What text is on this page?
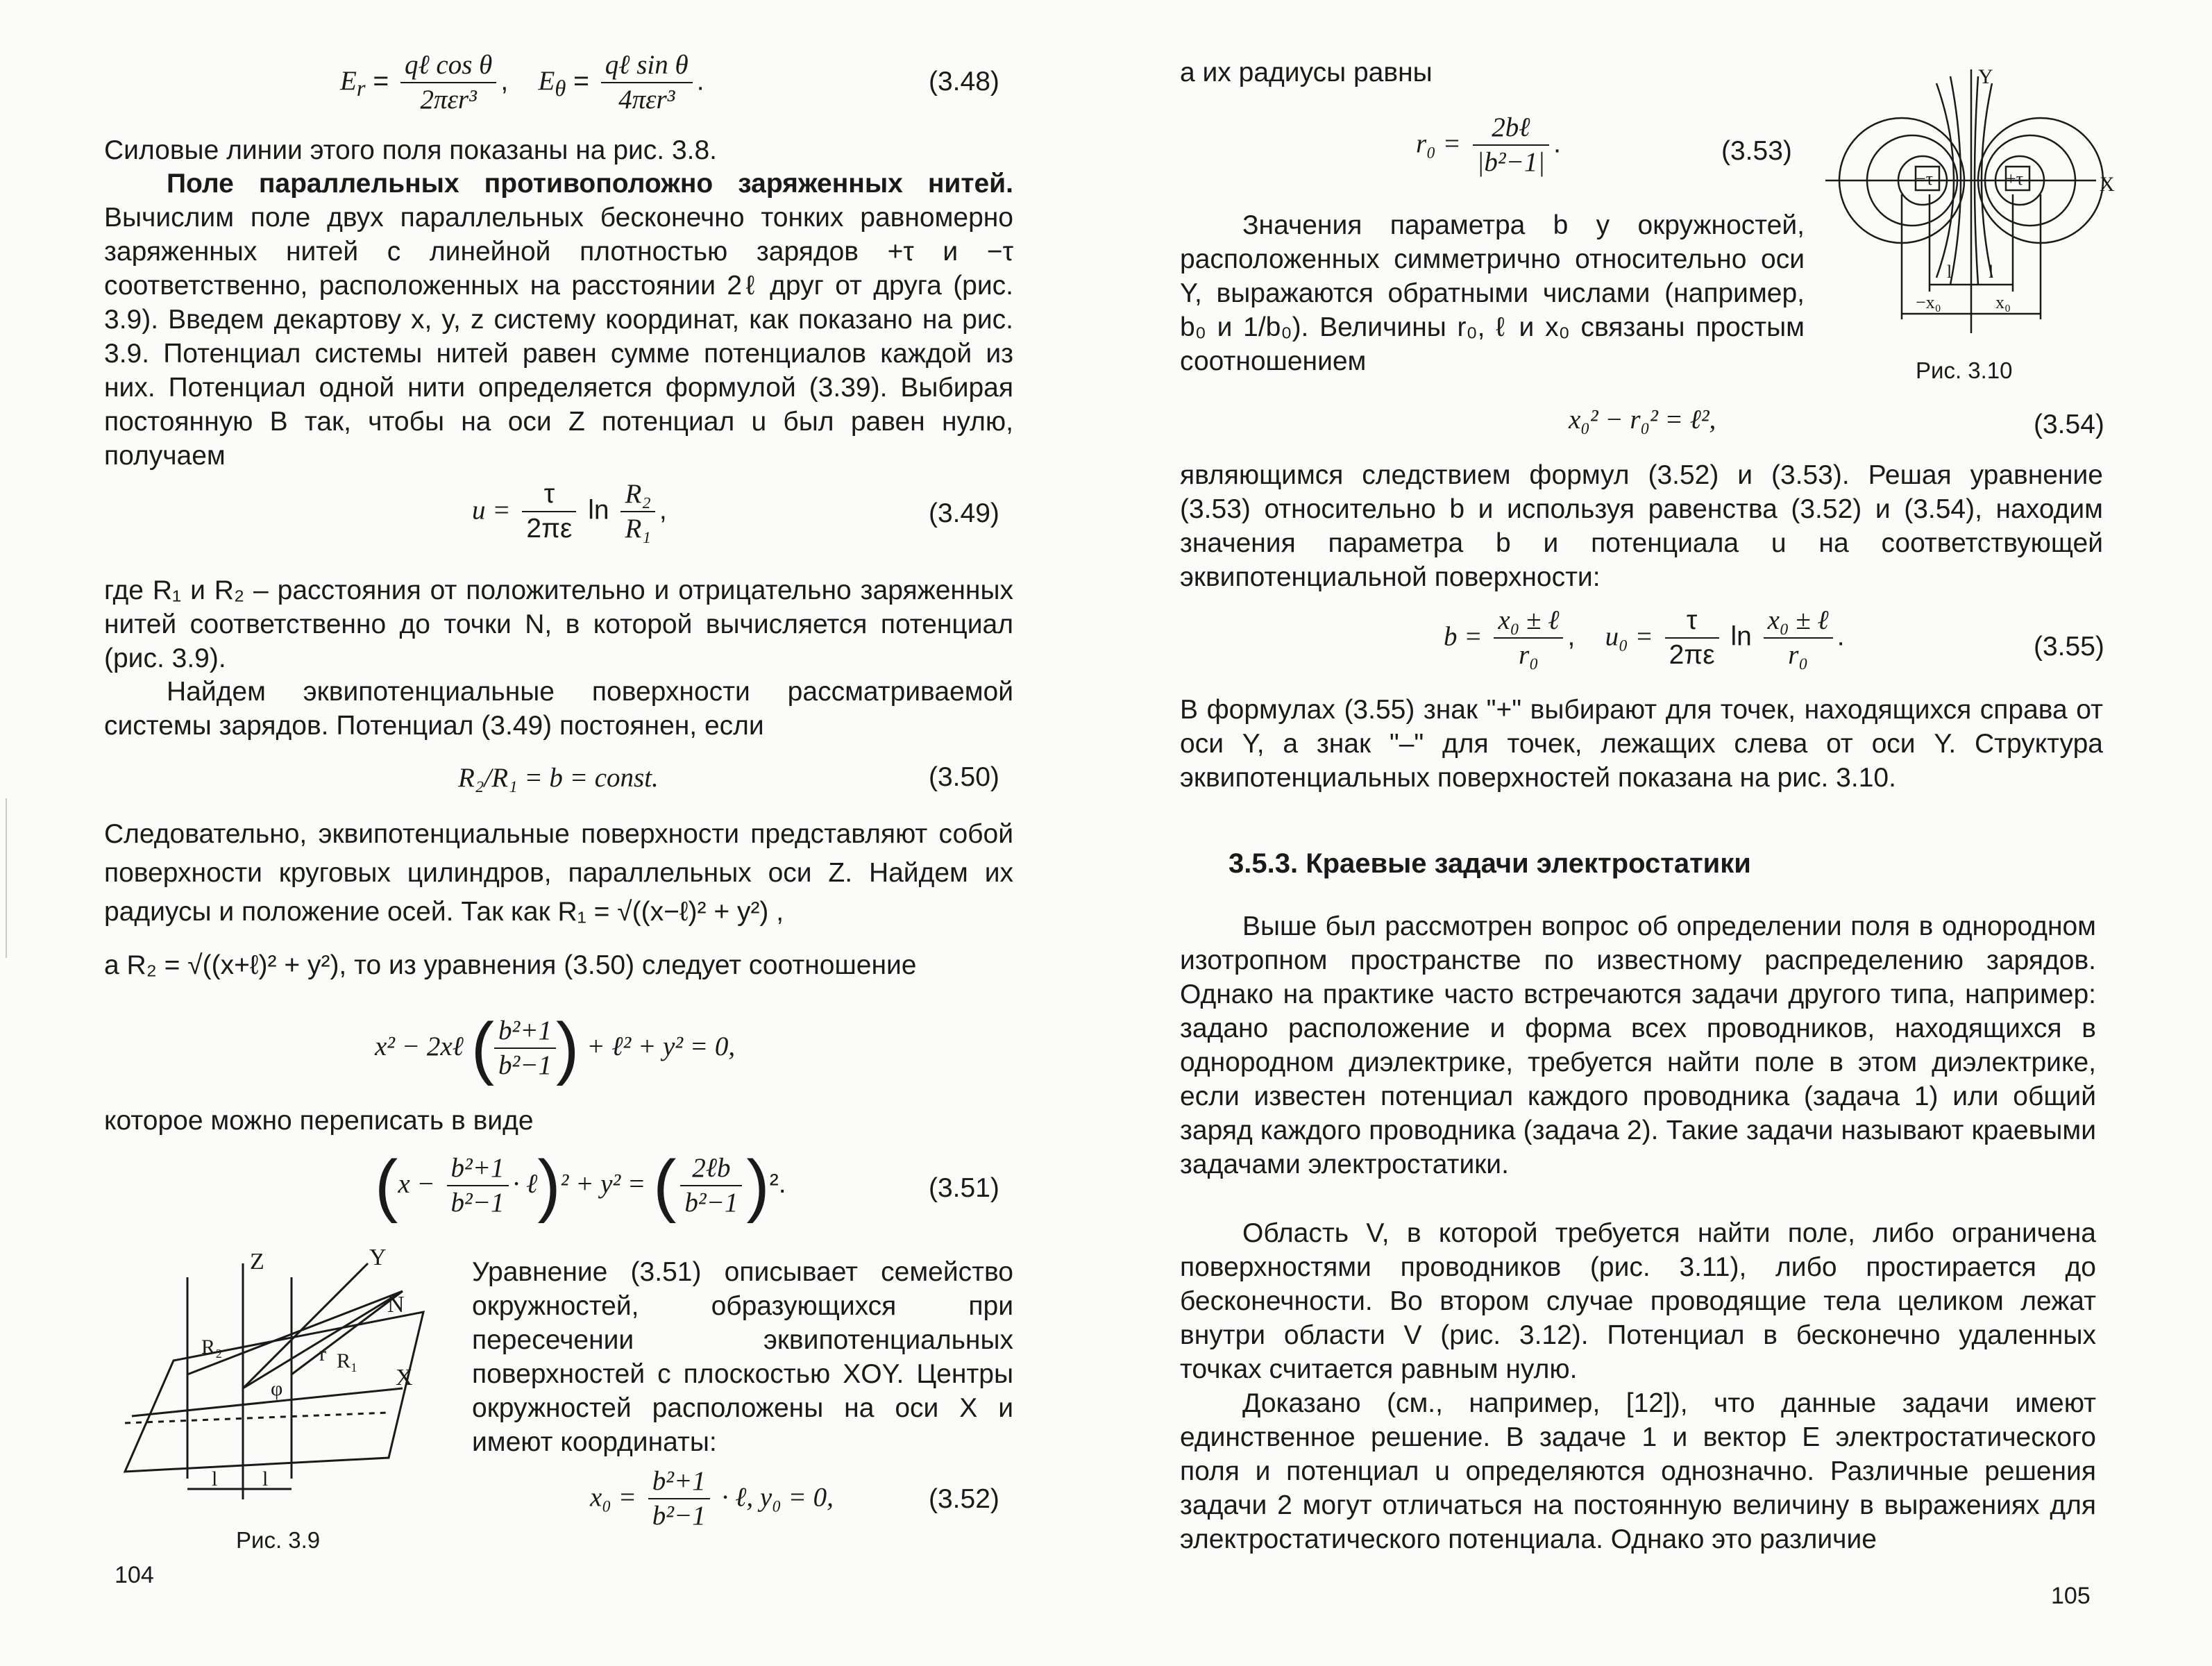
$E_r = \frac{\text{qℓ cos θ}}{\text{2πεr³}}$ ,    $E_\theta = \frac{\text{qℓ sin θ}}{\text{4πεr³}}$ .	(3.48)

Силовые линии этого поля показаны на рис. 3.8.

Поле параллельных противоположно заряженных нитей. Вычислим поле двух параллельных бесконечно тонких равномерно заряженных нитей с линейной плотностью зарядов +τ и −τ соответственно, расположенных на расстоянии 2ℓ друг от друга (рис. 3.9). Введем декартову x, y, z систему координат, как показано на рис. 3.9. Потенциал системы нитей равен сумме потенциалов каждой из них. Потенциал одной нити определяется формулой (3.39). Выбирая постоянную B так, чтобы на оси Z потенциал u был равен нулю, получаем

$u = \frac{\tau}{2\pi\varepsilon}$ $\ln \frac{\text{R₂}}{\text{R₁}}$ ,	(3.49)

где R₁ и R₂ – расстояния от положительно и отрицательно заряженных нитей соответственно до точки N, в которой вычисляется потенциал (рис. 3.9).

Найдем эквипотенциальные поверхности рассматриваемой системы зарядов. Потенциал (3.49) постоянен, если

R₂/R₁ = b = const.	(3.50)

Следовательно, эквипотенциальные поверхности представляют собой поверхности круговых цилиндров, параллельных оси Z. Найдем их радиусы и положение осей. Так как R₁ = √((x−ℓ)² + y²) ,

а R₂ = √((x+ℓ)² + y²), то из уравнения (3.50) следует соотношение

x² − 2xℓ ( $\frac{\text{b²+1}}{\text{b²−1}}$ ) + ℓ² + y² = 0,

которое можно переписать в виде

($x - \frac{\text{b²+1}}{\text{b²−1}}$ · ℓ)² + y² = ( $\frac{\text{2ℓb}}{\text{b²−1}} )^2$.	(3.51)
Z	Y
N
X
R₂
R₁
r
φ
l l
Рис. 3.9

Уравнение (3.51) описывает семейство окружностей, образующихся при пересечении эквипотенциальных поверхностей с плоскостью XOY. Центры окружностей расположены на оси X и имеют координаты:

$x_0 = \frac{\text{b²+1}}{\text{b²−1}}$ · ℓ, y₀ = 0,	(3.52)
104

а их радиусы равны

$r_0 = \frac{\text{2bℓ}}{\text{|b²−1|}}$ .	(3.53)

Значения параметра b у окружностей, расположенных симметрично относительно оси Y, выражаются обратными числами (например, b₀ и 1/b₀). Величины r₀, ℓ и x₀ связаны простым соотношением

Y
X
−τ	+τ
l l
−x₀	x₀
Рис. 3.10
x₀² − r₀² = ℓ²,	(3.54)

являющимся следствием формул (3.52) и (3.53). Решая уравнение (3.53) относительно b и используя равенства (3.52) и (3.54), находим значения параметра b и потенциала u на соответствующей эквипотенциальной поверхности:

$b = \frac{\text{x₀ ± ℓ}}{\text{r₀}}$ , $u_0 = \frac{\tau}{2\pi\varepsilon}$ $\ln \frac{\text{x₀ ± ℓ}}{\text{r₀}}$ .	(3.55)

В формулах (3.55) знак "+" выбирают для точек, находящихся справа от оси Y, а знак "–" для точек, лежащих слева от оси Y. Структура эквипотенциальных поверхностей показана на рис. 3.10.

3.5.3. Краевые задачи электростатики

Выше был рассмотрен вопрос об определении поля в однородном изотропном пространстве по известному распределению зарядов. Однако на практике часто встречаются задачи другого типа, например: задано расположение и форма всех проводников, находящихся в однородном диэлектрике, требуется найти поле в этом диэлектрике, если известен потенциал каждого проводника (задача 1) или общий заряд каждого проводника (задача 2). Такие задачи называют краевыми задачами электростатики.

Область V, в которой требуется найти поле, либо ограничена поверхностями проводников (рис. 3.11), либо простирается до бесконечности. Во втором случае проводящие тела целиком лежат внутри области V (рис. 3.12). Потенциал в бесконечно удаленных точках считается равным нулю.

Доказано (см., например, [12]), что данные задачи имеют единственное решение. В задаче 1 и вектор E электростатического поля и потенциал u определяются однозначно. Различные решения задачи 2 могут отличаться на постоянную величину в выражениях для электростатического потенциала. Однако это различие

105
